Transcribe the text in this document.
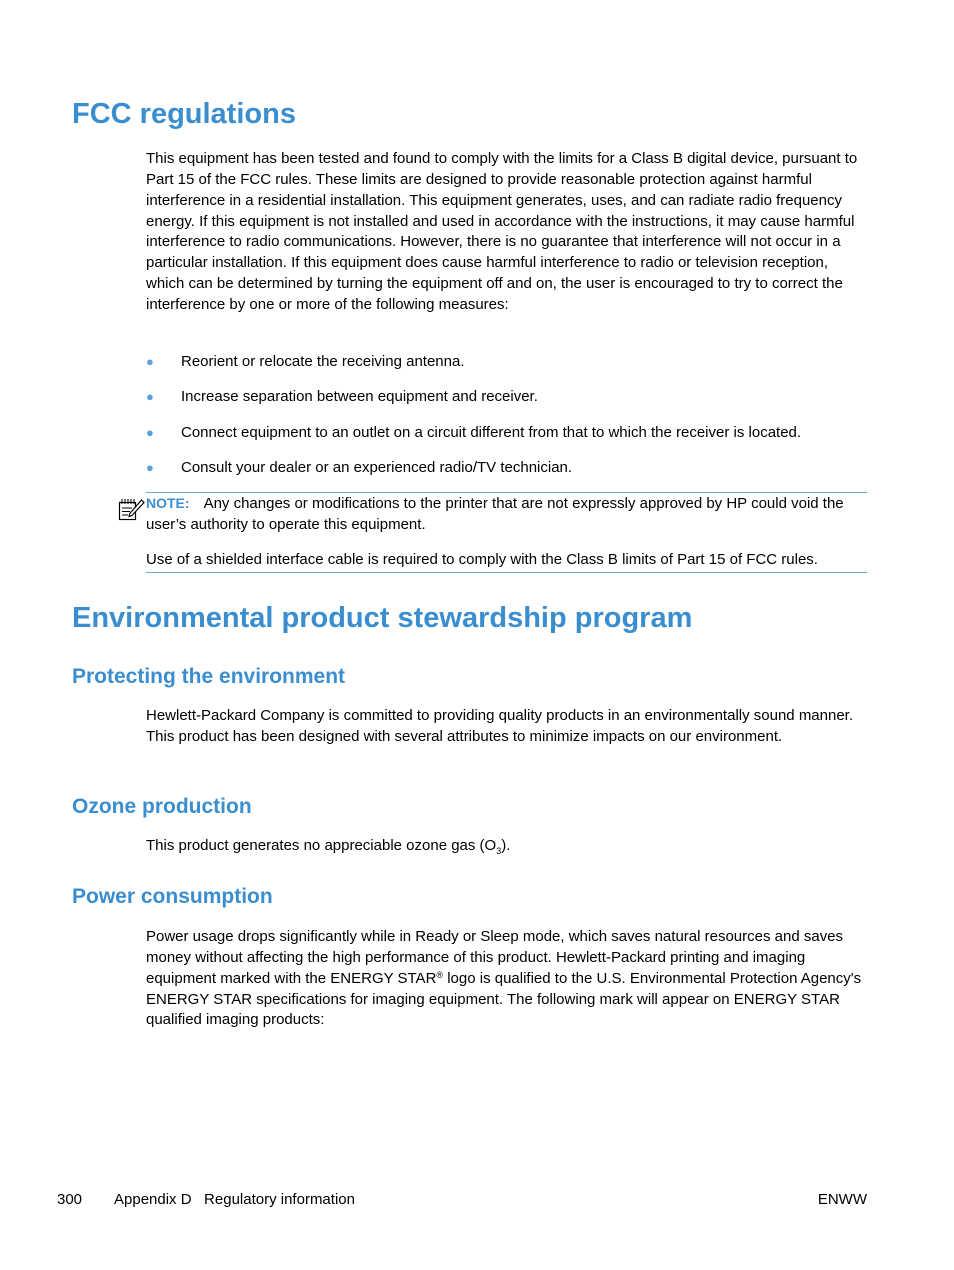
FCC regulations

This equipment has been tested and found to comply with the limits for a Class B digital device, pursuant to Part 15 of the FCC rules. These limits are designed to provide reasonable protection against harmful interference in a residential installation. This equipment generates, uses, and can radiate radio frequency energy. If this equipment is not installed and used in accordance with the instructions, it may cause harmful interference to radio communications. However, there is no guarantee that interference will not occur in a particular installation. If this equipment does cause harmful interference to radio or television reception, which can be determined by turning the equipment off and on, the user is encouraged to try to correct the interference by one or more of the following measures:

● Reorient or relocate the receiving antenna.
● Increase separation between equipment and receiver.
● Connect equipment to an outlet on a circuit different from that to which the receiver is located.
● Consult your dealer or an experienced radio/TV technician.

NOTE: Any changes or modifications to the printer that are not expressly approved by HP could void the user’s authority to operate this equipment.

Use of a shielded interface cable is required to comply with the Class B limits of Part 15 of FCC rules.

Environmental product stewardship program
Protecting the environment

Hewlett-Packard Company is committed to providing quality products in an environmentally sound manner. This product has been designed with several attributes to minimize impacts on our environment.

Ozone production

This product generates no appreciable ozone gas $(O_3)$.

Power consumption

Power usage drops significantly while in Ready or Sleep mode, which saves natural resources and saves money without affecting the high performance of this product. Hewlett-Packard printing and imaging equipment marked with the ENERGY STAR® logo is qualified to the U.S. Environmental Protection Agency's ENERGY STAR specifications for imaging equipment. The following mark will appear on ENERGY STAR qualified imaging products:

300 Appendix D   Regulatory information	ENWW
